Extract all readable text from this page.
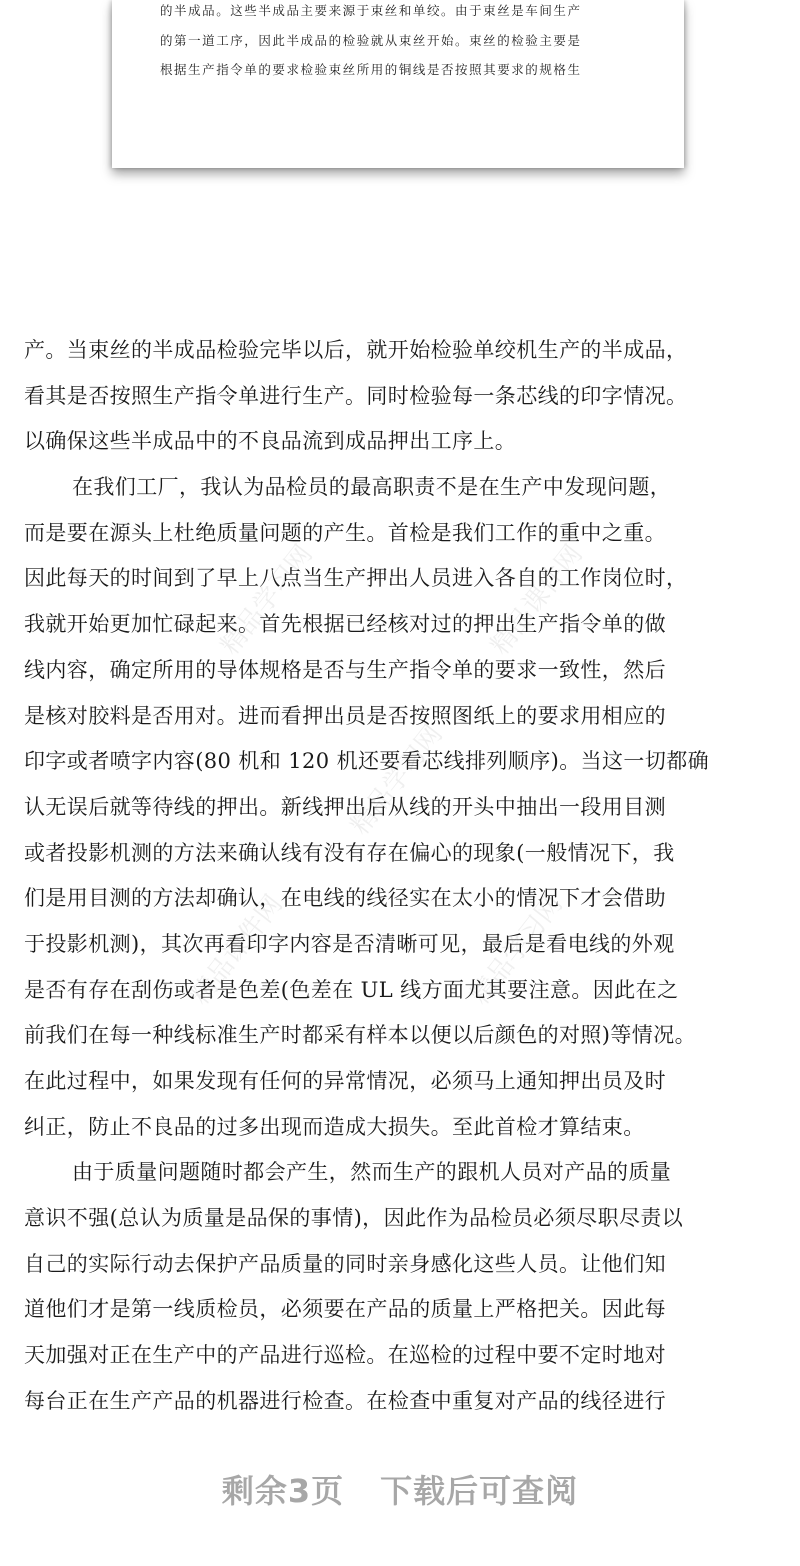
的半成品。这些半成品主要来源于束丝和单绞。由于束丝是车间生产
的第一道工序，因此半成品的检验就从束丝开始。束丝的检验主要是
根据生产指令单的要求检验束丝所用的铜线是否按照其要求的规格生
精品学习网	精品课件网
精品学习网
精品课件网	精品学习网
产。当束丝的半成品检验完毕以后，就开始检验单绞机生产的半成品，
看其是否按照生产指令单进行生产。同时检验每一条芯线的印字情况。
以确保这些半成品中的不良品流到成品押出工序上。
在我们工厂，我认为品检员的最高职责不是在生产中发现问题，
而是要在源头上杜绝质量问题的产生。首检是我们工作的重中之重。
因此每天的时间到了早上八点当生产押出人员进入各自的工作岗位时，
我就开始更加忙碌起来。首先根据已经核对过的押出生产指令单的做
线内容，确定所用的导体规格是否与生产指令单的要求一致性，然后
是核对胶料是否用对。进而看押出员是否按照图纸上的要求用相应的
印字或者喷字内容(80 机和 120 机还要看芯线排列顺序)。当这一切都确
认无误后就等待线的押出。新线押出后从线的开头中抽出一段用目测
或者投影机测的方法来确认线有没有存在偏心的现象(一般情况下，我
们是用目测的方法却确认，在电线的线径实在太小的情况下才会借助
于投影机测)，其次再看印字内容是否清晰可见，最后是看电线的外观
是否有存在刮伤或者是色差(色差在 UL 线方面尤其要注意。因此在之
前我们在每一种线标准生产时都采有样本以便以后颜色的对照)等情况。
在此过程中，如果发现有任何的异常情况，必须马上通知押出员及时
纠正，防止不良品的过多出现而造成大损失。至此首检才算结束。
由于质量问题随时都会产生，然而生产的跟机人员对产品的质量
意识不强(总认为质量是品保的事情)，因此作为品检员必须尽职尽责以
自己的实际行动去保护产品质量的同时亲身感化这些人员。让他们知
道他们才是第一线质检员，必须要在产品的质量上严格把关。因此每
天加强对正在生产中的产品进行巡检。在巡检的过程中要不定时地对
每台正在生产产品的机器进行检查。在检查中重复对产品的线径进行
剩余3页 下载后可查阅
